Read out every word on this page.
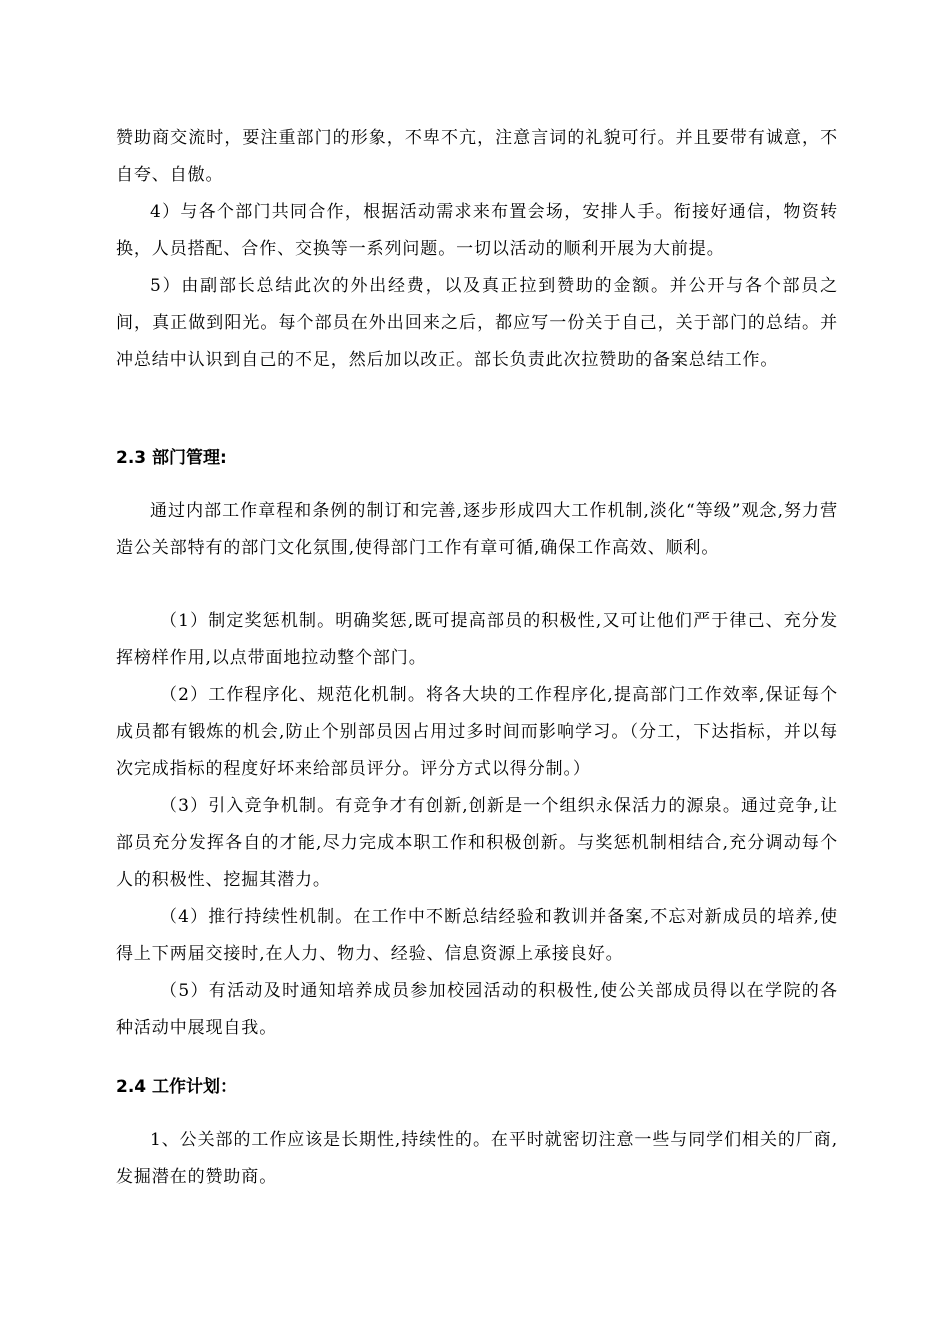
赞助商交流时，要注重部门的形象，不卑不亢，注意言词的礼貌可行。并且要带有诚意，不自夸、自傲。

4）与各个部门共同合作，根据活动需求来布置会场，安排人手。衔接好通信，物资转换，人员搭配、合作、交换等一系列问题。一切以活动的顺利开展为大前提。

5）由副部长总结此次的外出经费，以及真正拉到赞助的金额。并公开与各个部员之间，真正做到阳光。每个部员在外出回来之后，都应写一份关于自己，关于部门的总结。并冲总结中认识到自己的不足，然后加以改正。部长负责此次拉赞助的备案总结工作。

2.3 部门管理:

通过内部工作章程和条例的制订和完善,逐步形成四大工作机制,淡化“等级”观念,努力营造公关部特有的部门文化氛围,使得部门工作有章可循,确保工作高效、顺利。

（1）制定奖惩机制。明确奖惩,既可提高部员的积极性,又可让他们严于律己、充分发挥榜样作用,以点带面地拉动整个部门。

（2）工作程序化、规范化机制。将各大块的工作程序化,提高部门工作效率,保证每个成员都有锻炼的机会,防止个别部员因占用过多时间而影响学习。（分工，下达指标，并以每次完成指标的程度好坏来给部员评分。评分方式以得分制。）

（3）引入竞争机制。有竞争才有创新,创新是一个组织永保活力的源泉。通过竞争,让部员充分发挥各自的才能,尽力完成本职工作和积极创新。与奖惩机制相结合,充分调动每个人的积极性、挖掘其潜力。

（4）推行持续性机制。在工作中不断总结经验和教训并备案,不忘对新成员的培养,使得上下两届交接时,在人力、物力、经验、信息资源上承接良好。

（5）有活动及时通知培养成员参加校园活动的积极性,使公关部成员得以在学院的各种活动中展现自我。

2.4 工作计划：

1、公关部的工作应该是长期性,持续性的。在平时就密切注意一些与同学们相关的厂商,发掘潜在的赞助商。
